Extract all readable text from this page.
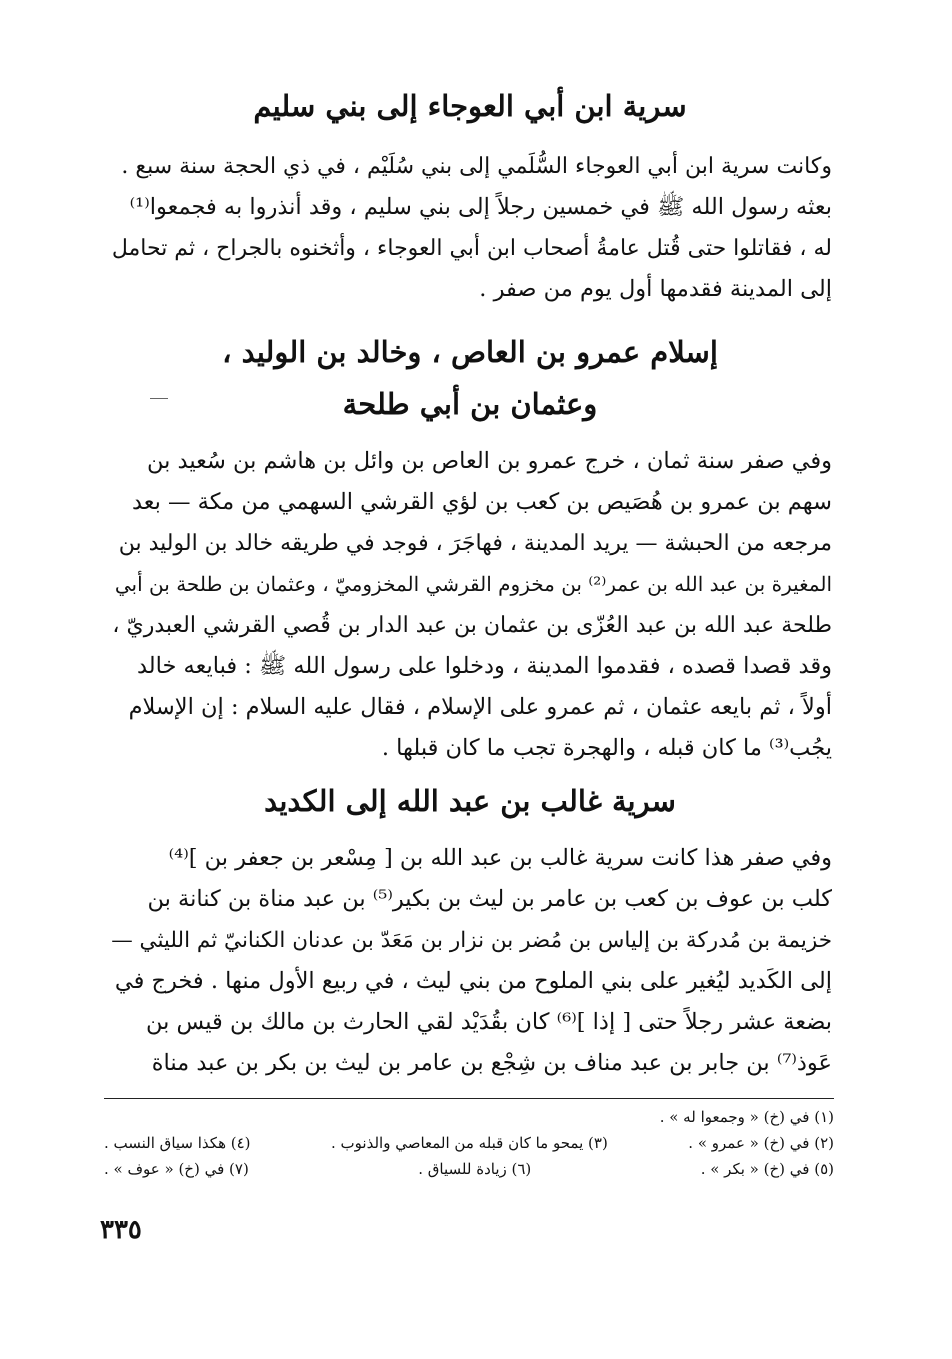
سرية ابن أبي العوجاء إلى بني سليم
وكانت سرية ابن أبي العوجاء السُّلَمي إلى بني سُلَيْم ، في ذي الحجة سنة سبع .
بعثه رسول الله ﷺ في خمسين رجلاً إلى بني سليم ، وقد أنذروا به فجمعوا⁽¹⁾
له ، فقاتلوا حتى قُتل عامةُ أصحاب ابن أبي العوجاء ، وأثخنوه بالجراح ، ثم تحامل
إلى المدينة فقدمها أول يوم من صفر .
إسلام عمرو بن العاص ، وخالد بن الوليد ،
وعثمان بن أبي طلحة
وفي صفر سنة ثمان ، خرج عمرو بن العاص بن وائل بن هاشم بن سُعيد بن
سهم بن عمرو بن هُصَيص بن كعب بن لؤي القرشي السهمي من مكة — بعد
مرجعه من الحبشة — يريد المدينة ، فهاجَرَ ، فوجد في طريقه خالد بن الوليد بن
المغيرة بن عبد الله بن عمر⁽²⁾ بن مخزوم القرشي المخزوميّ ، وعثمان بن طلحة بن أبي
طلحة عبد الله بن عبد العُزّى بن عثمان بن عبد الدار بن قُصي القرشي العبدريّ ،
وقد قصدا قصده ، فقدموا المدينة ، ودخلوا على رسول الله ﷺ : فبايعه خالد
أولاً ، ثم بايعه عثمان ، ثم عمرو على الإسلام ، فقال عليه السلام : إن الإسلام
يجُب⁽³⁾ ما كان قبله ، والهجرة تجب ما كان قبلها .
سرية غالب بن عبد الله إلى الكديد
وفي صفر هذا كانت سرية غالب بن عبد الله بن [ مِسْعر بن جعفر بن ]⁽⁴⁾
كلب بن عوف بن كعب بن عامر بن ليث بن بكير⁽⁵⁾ بن عبد مناة بن كنانة بن
خزيمة بن مُدركة بن إلياس بن مُضر بن نزار بن مَعَدّ بن عدنان الكنانيّ ثم الليثي —
إلى الكَديد ليُغير على بني الملوح من بني ليث ، في ربيع الأول منها . فخرج في
بضعة عشر رجلاً حتى [ إذا ]⁽⁶⁾ كان بقُدَيْد لقي الحارث بن مالك بن قيس بن
عَوذ⁽⁷⁾ بن جابر بن عبد مناف بن شِجْع بن عامر بن ليث بن بكر بن عبد مناة
(١) في (خ) « وجمعوا له » .
(٢) في (خ) « عمرو » .
(٣) يمحو ما كان قبله من المعاصي والذنوب .
(٤) هكذا سياق النسب .
(٥) في (خ) « بكر » .
(٦) زيادة للسياق .
(٧) في (خ) « عوف » .
٣٣٥
